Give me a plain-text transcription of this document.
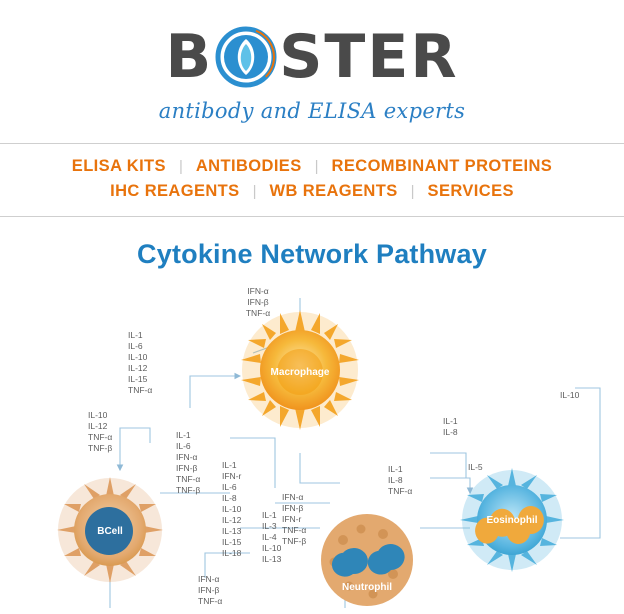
B STER
antibody and ELISA experts
ELISA KITS | ANTIBODIES | RECOMBINANT PROTEINS
IHC REAGENTS | WB REAGENTS | SERVICES
Cytokine Network Pathway
Macrophage
BCell
Neutrophil
Eosinophil
IFN-α
IFN-β
TNF-α
IL-1
IL-6
IL-10
IL-12
IL-15
TNF-α
IL-10
IL-12
TNF-α
TNF-β
IL-1
IL-6
IFN-α
IFN-β
TNF-α
TNF-β
IL-1
IFN-r
IL-6
IL-8
IL-10
IL-12
IL-13
IL-15
IL-18
IFN-α
IFN-β
IFN-r
TNF-α
TNF-β
IL-1
IL-3
IL-4
IL-10
IL-13
IL-1
IL-8
TNF-α
IL-1
IL-8
IL-5
IL-10
IFN-α
IFN-β
TNF-α
